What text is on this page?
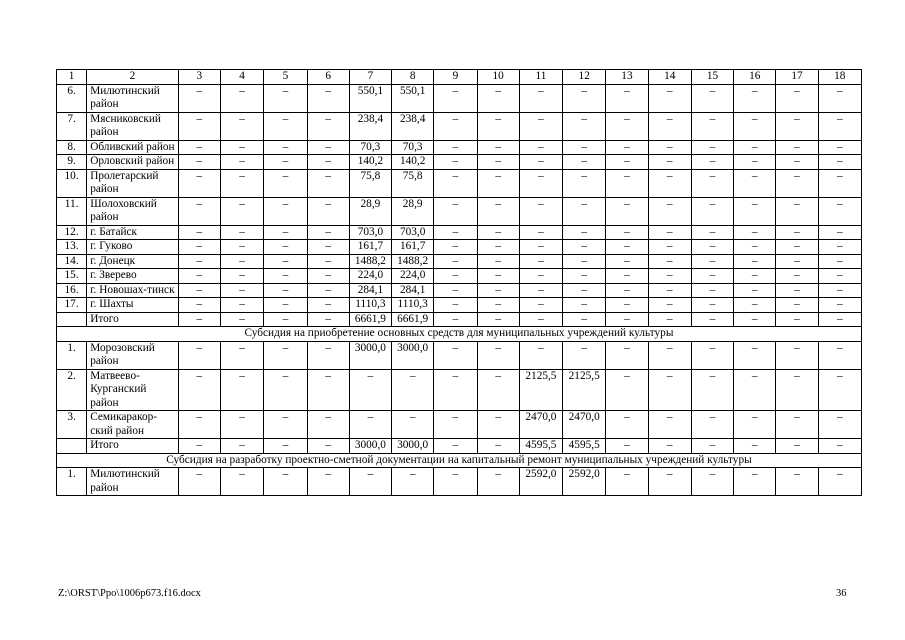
1	2	3	4	5	6	7	8	9	10	11	12	13	14	15	16	17	18
6.	Милютинский район	–	–	–	–	550,1	550,1	–	–	–	–	–	–	–	–	–	–
7.	Мясниковский район	–	–	–	–	238,4	238,4	–	–	–	–	–	–	–	–	–	–
8.	Обливский район	–	–	–	–	70,3	70,3	–	–	–	–	–	–	–	–	–	–
9.	Орловский район	–	–	–	–	140,2	140,2	–	–	–	–	–	–	–	–	–	–
10.	Пролетарский район	–	–	–	–	75,8	75,8	–	–	–	–	–	–	–	–	–	–
11.	Шолоховский район	–	–	–	–	28,9	28,9	–	–	–	–	–	–	–	–	–	–
12.	г. Батайск	–	–	–	–	703,0	703,0	–	–	–	–	–	–	–	–	–	–
13.	г. Гуково	–	–	–	–	161,7	161,7	–	–	–	–	–	–	–	–	–	–
14.	г. Донецк	–	–	–	–	1488,2	1488,2	–	–	–	–	–	–	–	–	–	–
15.	г. Зверево	–	–	–	–	224,0	224,0	–	–	–	–	–	–	–	–	–	–
16.	г. Новошах-тинск	–	–	–	–	284,1	284,1	–	–	–	–	–	–	–	–	–	–
17.	г. Шахты	–	–	–	–	1110,3	1110,3	–	–	–	–	–	–	–	–	–	–
	Итого	–	–	–	–	6661,9	6661,9	–	–	–	–	–	–	–	–	–	–
Субсидия на приобретение основных средств для муниципальных учреждений культуры																	
1.	Морозовский район	–	–	–	–	3000,0	3000,0	–	–	–	–	–	–	–	–	–	–
2.	Матвеево-Курганский район	–	–	–	–	–	–	–	–	2125,5	2125,5	–	–	–	–	–	–
3.	Семикаракор-ский район	–	–	–	–	–	–	–	–	2470,0	2470,0	–	–	–	–	–	–
	Итого	–	–	–	–	3000,0	3000,0	–	–	4595,5	4595,5	–	–	–	–	–	–
Субсидия на разработку проектно-сметной документации на капитальный ремонт муниципальных учреждений культуры																	
1.	Милютинский район	–	–	–	–	–	–	–	–	2592,0	2592,0	–	–	–	–	–	–
Z:\ORST\Ppo\1006p673.f16.docx	36
